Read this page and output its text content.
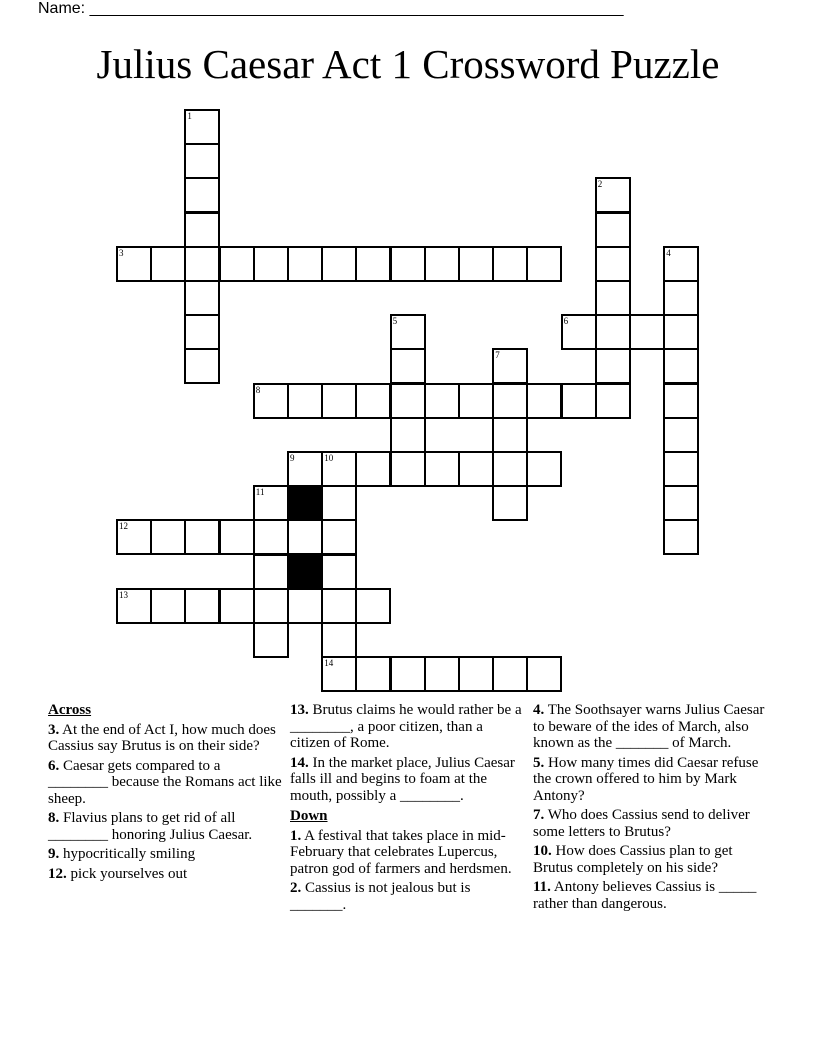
Name: ____________________________________________________________
Julius Caesar Act 1 Crossword Puzzle
1
2
3	4
5	6
7
8
9	10
14
11
12
13
Across
3. At the end of Act I, how much does Cassius say Brutus is on their side?
6. Caesar gets compared to a ________ because the Romans act like sheep.
8. Flavius plans to get rid of all ________ honoring Julius Caesar.
9. hypocritically smiling
12. pick yourselves out
13. Brutus claims he would rather be a ________, a poor citizen, than a citizen of Rome.
14. In the market place, Julius Caesar falls ill and begins to foam at the mouth, possibly a ________.
Down
1. A festival that takes place in mid-February that celebrates Lupercus, patron god of farmers and herdsmen.
2. Cassius is not jealous but is _______.
4. The Soothsayer warns Julius Caesar to beware of the ides of March, also known as the _______ of March.
5. How many times did Caesar refuse the crown offered to him by Mark Antony?
7. Who does Cassius send to deliver some letters to Brutus?
10. How does Cassius plan to get Brutus completely on his side?
11. Antony believes Cassius is _____ rather than dangerous.
